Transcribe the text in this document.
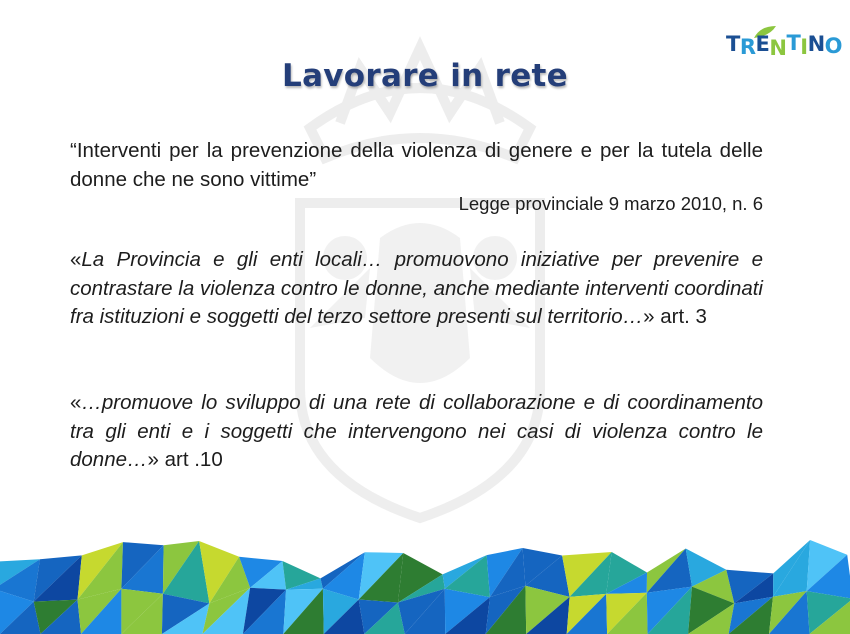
TRENTINO
Lavorare in rete
“Interventi per la prevenzione della violenza di genere e per la tutela delle donne che ne sono vittime”
Legge provinciale 9 marzo 2010, n. 6
«La Provincia e gli enti locali… promuovono iniziative per prevenire e contrastare la violenza contro le donne, anche mediante interventi coordinati fra istituzioni e soggetti del terzo settore presenti sul territorio…» art. 3
«…promuove lo sviluppo di una rete di collaborazione e di coordinamento tra gli enti e i soggetti che intervengono nei casi di violenza contro le donne…» art .10
